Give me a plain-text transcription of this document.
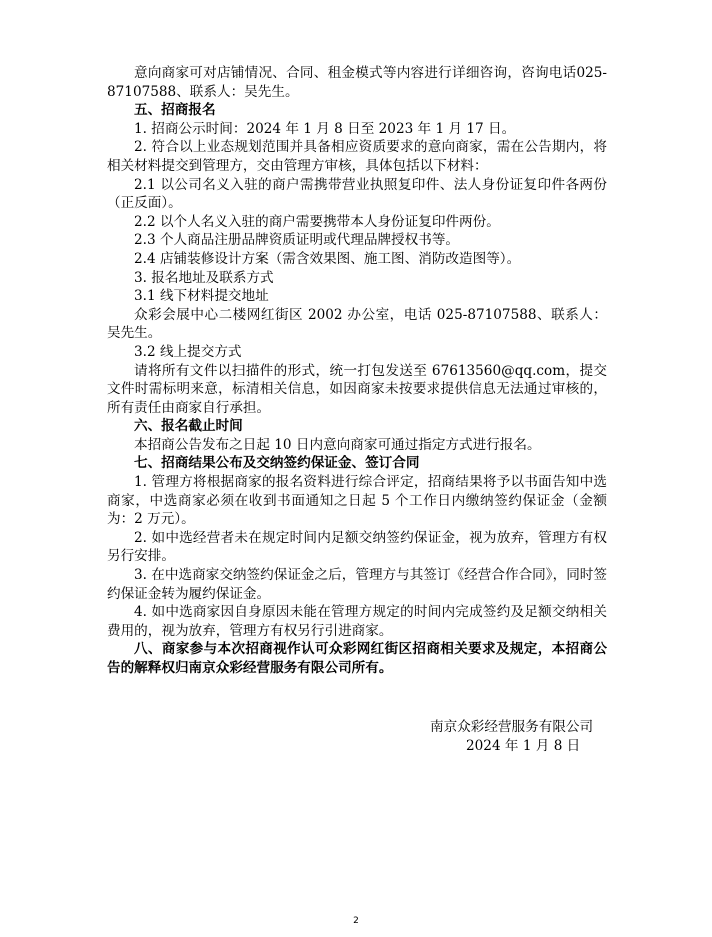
意向商家可对店铺情况、合同、租金模式等内容进行详细咨询，咨询电话025-87107588、联系人：吴先生。

五、招商报名

1. 招商公示时间：2024 年 1 月 8 日至 2023 年 1 月 17 日。

2. 符合以上业态规划范围并具备相应资质要求的意向商家，需在公告期内，将相关材料提交到管理方，交由管理方审核，具体包括以下材料：

2.1 以公司名义入驻的商户需携带营业执照复印件、法人身份证复印件各两份（正反面）。

2.2 以个人名义入驻的商户需要携带本人身份证复印件两份。

2.3 个人商品注册品牌资质证明或代理品牌授权书等。

2.4 店铺装修设计方案（需含效果图、施工图、消防改造图等）。

3. 报名地址及联系方式

3.1 线下材料提交地址

众彩会展中心二楼网红街区 2002 办公室，电话 025-87107588、联系人：吴先生。

3.2 线上提交方式

请将所有文件以扫描件的形式，统一打包发送至 67613560@qq.com，提交文件时需标明来意，标清相关信息，如因商家未按要求提供信息无法通过审核的，所有责任由商家自行承担。

六、报名截止时间

本招商公告发布之日起 10 日内意向商家可通过指定方式进行报名。

七、招商结果公布及交纳签约保证金、签订合同

1. 管理方将根据商家的报名资料进行综合评定，招商结果将予以书面告知中选商家，中选商家必须在收到书面通知之日起 5 个工作日内缴纳签约保证金（金额为：2 万元）。

2. 如中选经营者未在规定时间内足额交纳签约保证金，视为放弃，管理方有权另行安排。

3. 在中选商家交纳签约保证金之后，管理方与其签订《经营合作合同》，同时签约保证金转为履约保证金。

4. 如中选商家因自身原因未能在管理方规定的时间内完成签约及足额交纳相关费用的，视为放弃，管理方有权另行引进商家。

八、商家参与本次招商视作认可众彩网红街区招商相关要求及规定，本招商公告的解释权归南京众彩经营服务有限公司所有。

南京众彩经营服务有限公司
2024 年 1 月 8 日
2
